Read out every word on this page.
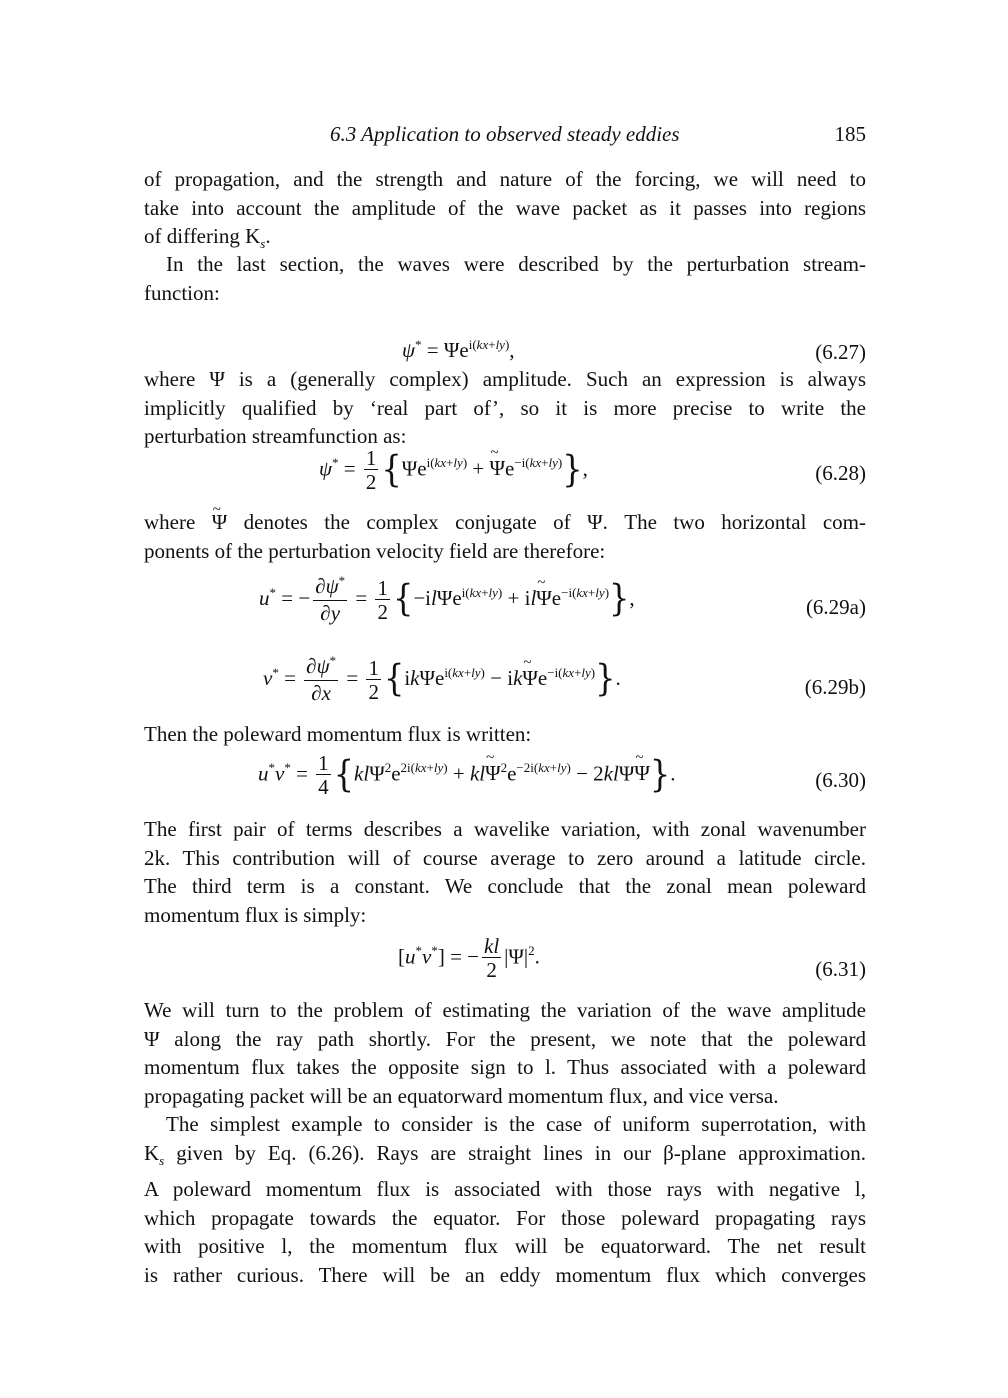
6.3 Application to observed steady eddies	185

of propagation, and the strength and nature of the forcing, we will need to
take into account the amplitude of the wave packet as it passes into regions
of differing $K_s$.

In the last section, the waves were described by the perturbation stream-
function:

$\psi^* = \Psi e^{i(kx+ly)}$,	(6.27)

where Ψ is a (generally complex) amplitude. Such an expression is always
implicitly qualified by ‘real part of’, so it is more precise to write the
perturbation streamfunction as:

$\psi^* = \frac{1}{2} \{\Psi e^{i(kx+ly)} + \Psi$ $\sim e^{-i(kx+ly)}$},	(6.28)

where Ψ ~ denotes the complex conjugate of Ψ. The two horizontal com-
ponents of the perturbation velocity field are therefore:

u* = − $\frac{\partial\psi^*}{\partial y} = \frac{1}{2} \{-il\Psi e^{i(kx+ly)} + il\Psi$ $\sim e^{-i(kx+ly)}$},	(6.29a)
$v^* = \frac{\partial\psi^*}{\partial x} = \frac{1}{2} \{ik\Psi e^{i(kx+ly)} - ik\Psi$ $\sim e^{-i(kx+ly)}$}.	(6.29b)

Then the poleward momentum flux is written:

$u^*v^* = \frac{1}{4} \{kl\Psi^2e^{2i(kx+ly)} + kl\Psi$ $\sim^2e^{-2i(kx+ly)} - 2kl\Psi\Psi$ ~}.	(6.30)

The first pair of terms describes a wavelike variation, with zonal wavenumber
2k. This contribution will of course average to zero around a latitude circle.
The third term is a constant. We conclude that the zonal mean poleward
momentum flux is simply:

[u*v*] = − $\frac{kl}{2} |\Psi|^2$.
(6.31)

We will turn to the problem of estimating the variation of the wave amplitude
Ψ along the ray path shortly. For the present, we note that the poleward
momentum flux takes the opposite sign to l. Thus associated with a poleward
propagating packet will be an equatorward momentum flux, and vice versa.

The simplest example to consider is the case of uniform superrotation, with
$K_s$ given by Eq. (6.26). Rays are straight lines in our β-plane approximation.
A poleward momentum flux is associated with those rays with negative l,
which propagate towards the equator. For those poleward propagating rays
with positive l, the momentum flux will be equatorward. The net result
is rather curious. There will be an eddy momentum flux which converges
